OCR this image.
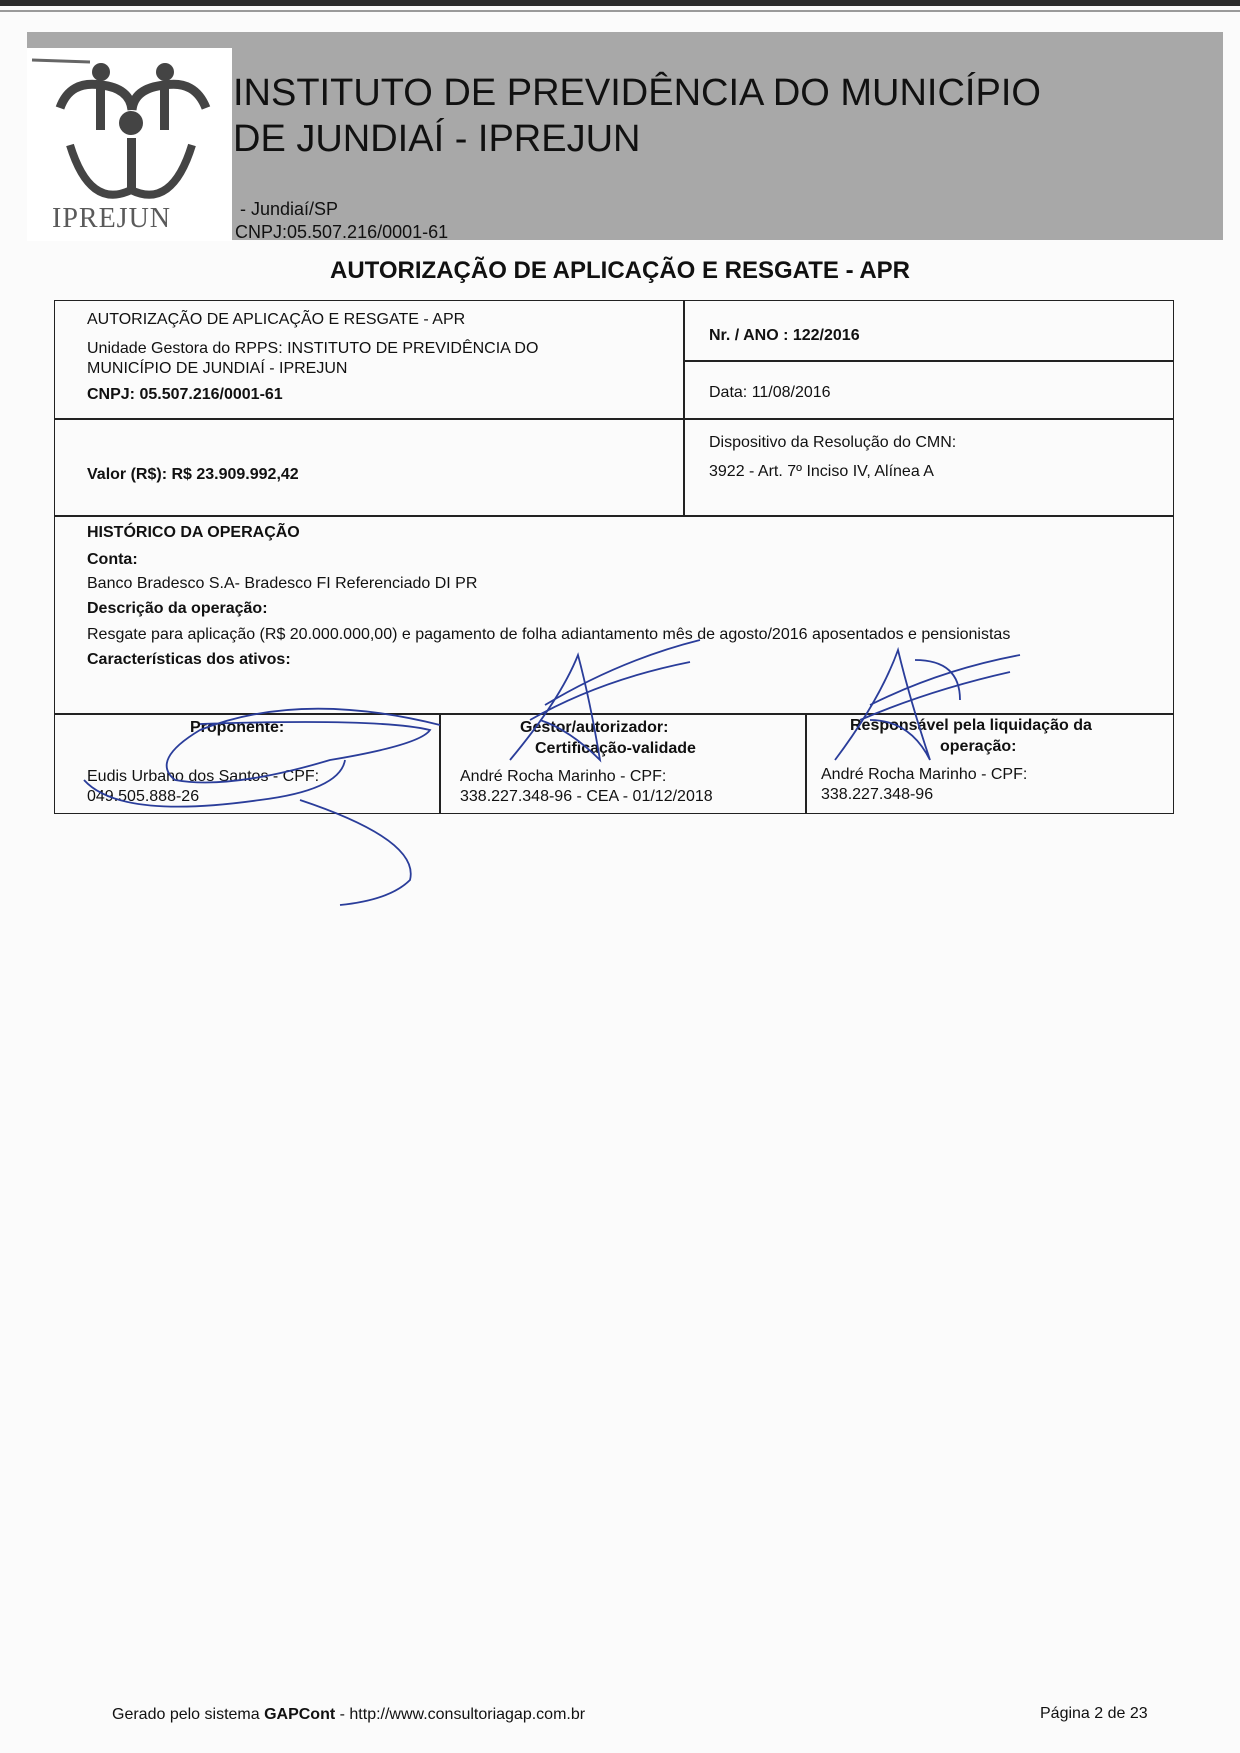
IPREJUN
INSTITUTO DE PREVIDÊNCIA DO MUNICÍPIO
DE JUNDIAÍ - IPREJUN
- Jundiaí/SP
CNPJ:05.507.216/0001-61
AUTORIZAÇÃO DE APLICAÇÃO E RESGATE - APR
AUTORIZAÇÃO DE APLICAÇÃO E RESGATE - APR
Unidade Gestora do RPPS: INSTITUTO DE PREVIDÊNCIA DO
MUNICÍPIO DE JUNDIAÍ - IPREJUN
CNPJ: 05.507.216/0001-61
Nr. / ANO : 122/2016
Data: 11/08/2016
Valor (R$): R$ 23.909.992,42
Dispositivo da Resolução do CMN:
3922 - Art. 7º Inciso IV, Alínea A
HISTÓRICO DA OPERAÇÃO
Conta:
Banco Bradesco S.A- Bradesco FI Referenciado DI PR
Descrição da operação:
Resgate para aplicação (R$ 20.000.000,00) e pagamento de folha adiantamento mês de agosto/2016 aposentados e pensionistas
Características dos ativos:
Proponente:
Eudis Urbano dos Santos - CPF:
049.505.888-26
Gestor/autorizador:
Certificação-validade
André Rocha Marinho - CPF:
338.227.348-96 - CEA - 01/12/2018
Responsável pela liquidação da
operação:
André Rocha Marinho - CPF:
338.227.348-96
Gerado pelo sistema GAPCont - http://www.consultoriagap.com.br	Página 2 de 23
